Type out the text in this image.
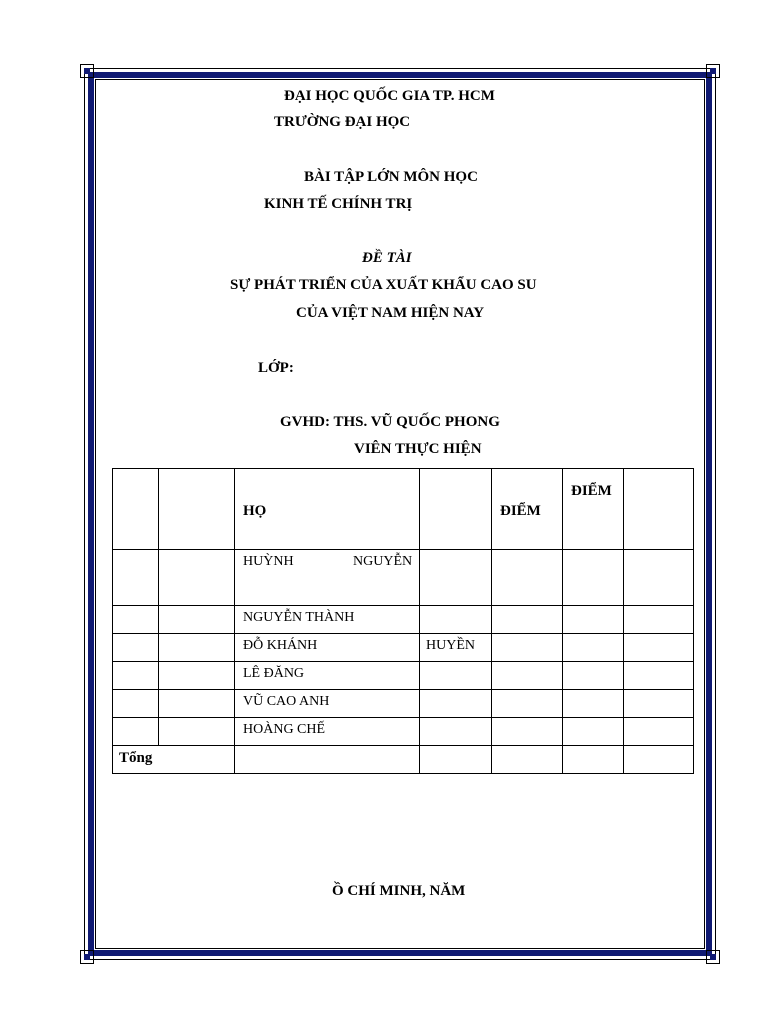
ĐẠI HỌC QUỐC GIA TP. HCM
TRƯỜNG ĐẠI HỌC
BÀI TẬP LỚN MÔN HỌC
KINH TẾ CHÍNH TRỊ
ĐỀ TÀI
SỰ PHÁT TRIỂN CỦA XUẤT KHẨU CAO SU
CỦA VIỆT NAM HIỆN NAY
LỚP:
GVHD: THS. VŨ QUỐC PHONG
VIÊN THỰC HIỆN

		HỌ		ĐIỂM	ĐIỂM	

		HUỲNH NGUYỄN				

		NGUYỄN THÀNH				

		ĐỖ KHÁNH	HUYỀN			

		LÊ ĐĂNG				

		VŨ CAO ANH				

		HOÀNG CHẾ				

Tổng						

Ồ CHÍ MINH, NĂM
